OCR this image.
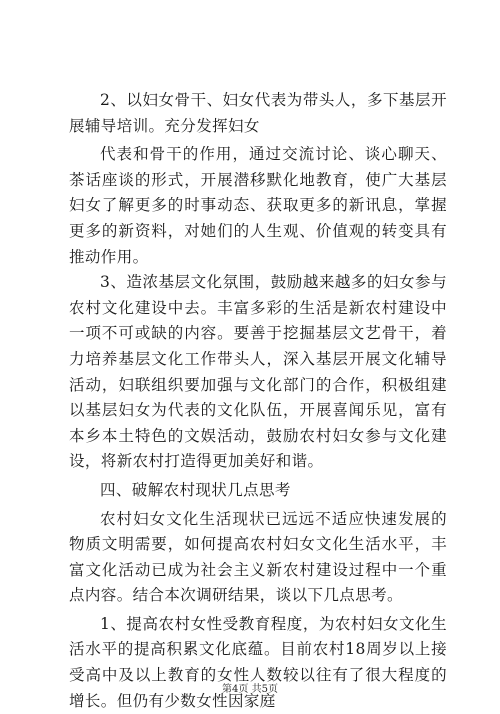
2、以妇女骨干、妇女代表为带头人，多下基层开展辅导培训。充分发挥妇女

代表和骨干的作用，通过交流讨论、谈心聊天、茶话座谈的形式，开展潜移默化地教育，使广大基层妇女了解更多的时事动态、获取更多的新讯息，掌握更多的新资料，对她们的人生观、价值观的转变具有推动作用。

3、造浓基层文化氛围，鼓励越来越多的妇女参与农村文化建设中去。丰富多彩的生活是新农村建设中一项不可或缺的内容。要善于挖掘基层文艺骨干，着力培养基层文化工作带头人，深入基层开展文化辅导活动，妇联组织要加强与文化部门的合作，积极组建以基层妇女为代表的文化队伍，开展喜闻乐见，富有本乡本土特色的文娱活动，鼓励农村妇女参与文化建设，将新农村打造得更加美好和谐。

四、破解农村现状几点思考

农村妇女文化生活现状已远远不适应快速发展的物质文明需要，如何提高农村妇女文化生活水平，丰富文化活动已成为社会主义新农村建设过程中一个重点内容。结合本次调研结果，谈以下几点思考。

1、提高农村女性受教育程度，为农村妇女文化生活水平的提高积累文化底蕴。目前农村18周岁以上接受高中及以上教育的女性人数较以往有了很大程度的增长。但仍有少数女性因家庭

第4页 共5页
